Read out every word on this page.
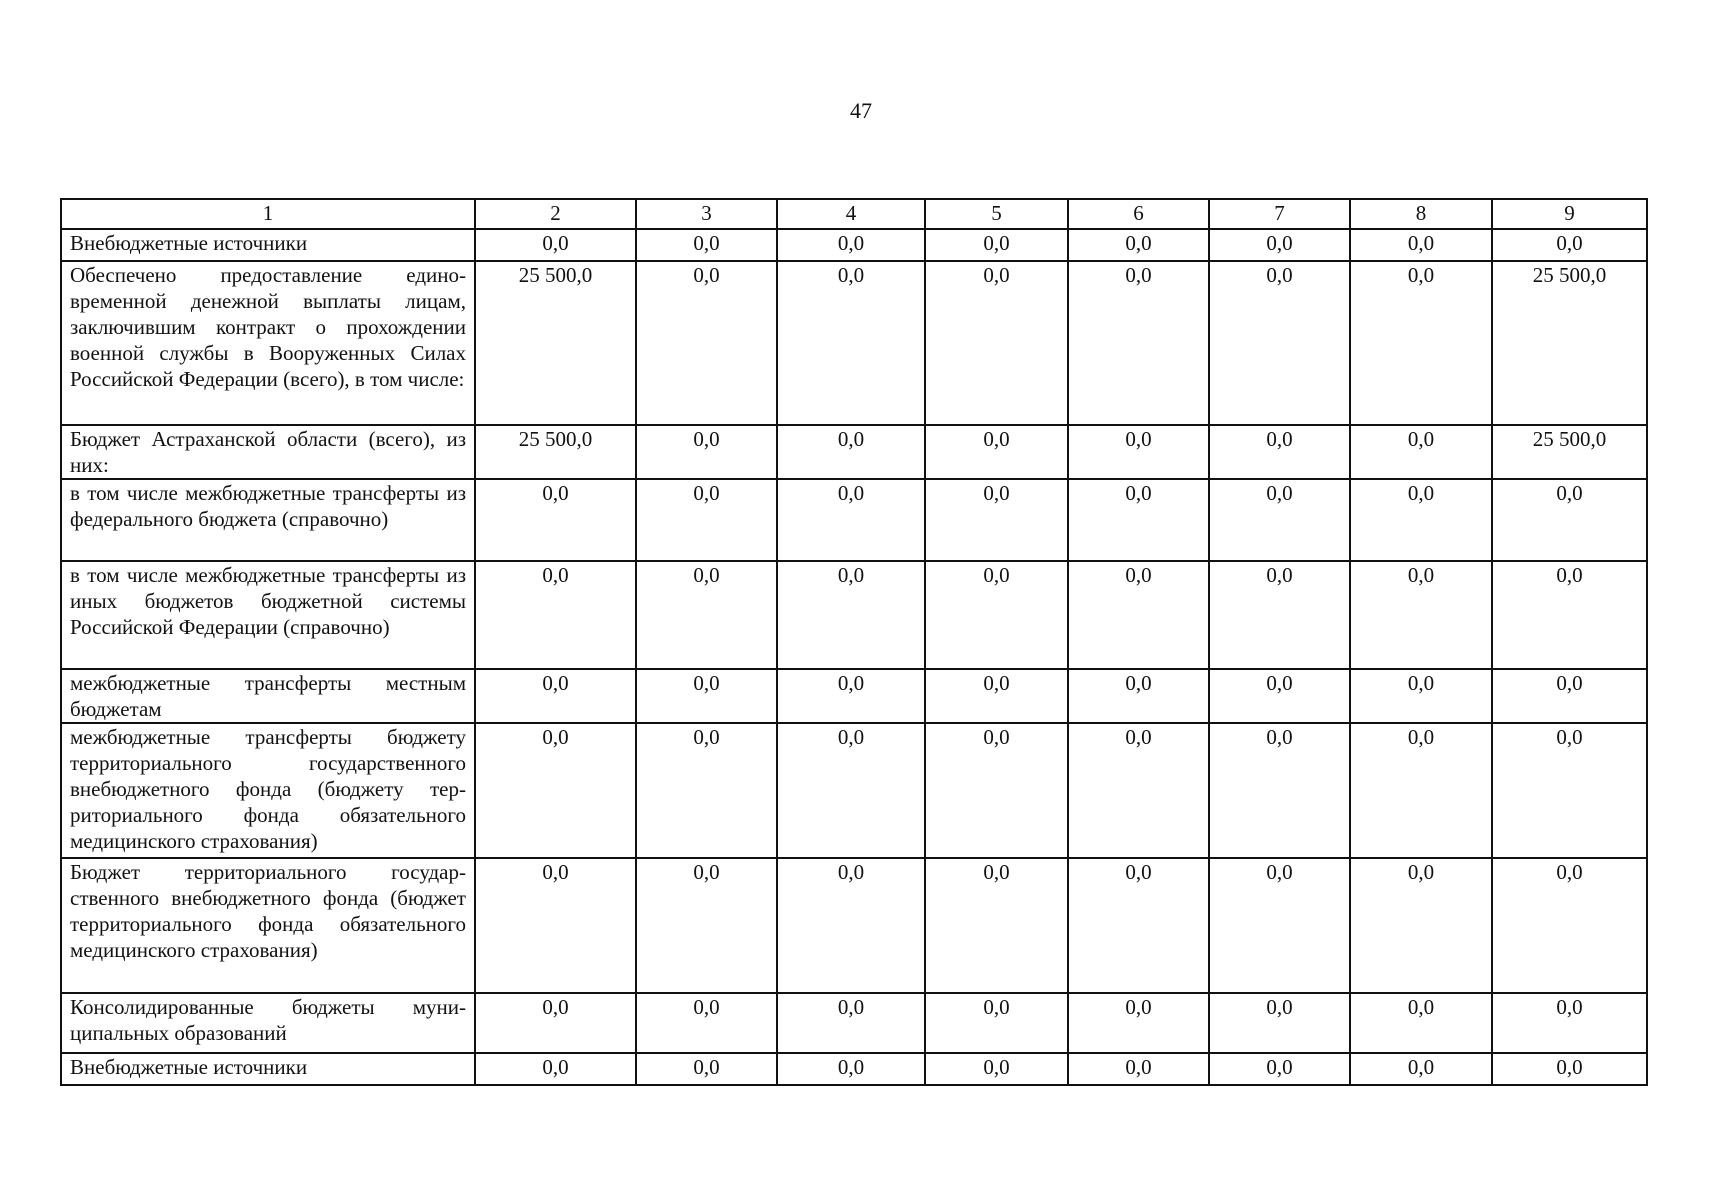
47
1	2	3	4	5	6	7	8	9
Внебюджетные источники	0,0	0,0	0,0	0,0	0,0	0,0	0,0	0,0
Обеспечено предоставление единовременной денежной выплаты лицам, заключившим контракт о прохождении военной службы в Вооруженных Силах Российской Федерации (всего), в том числе:	25 500,0	0,0	0,0	0,0	0,0	0,0	0,0	25 500,0
Бюджет Астраханской области (всего), из них:	25 500,0	0,0	0,0	0,0	0,0	0,0	0,0	25 500,0
в том числе межбюджетные трансферты из федерального бюджета (справочно)	0,0	0,0	0,0	0,0	0,0	0,0	0,0	0,0
в том числе межбюджетные трансферты из иных бюджетов бюджетной системы Российской Федерации (справочно)	0,0	0,0	0,0	0,0	0,0	0,0	0,0	0,0
межбюджетные трансферты местным бюджетам	0,0	0,0	0,0	0,0	0,0	0,0	0,0	0,0
межбюджетные трансферты бюджету территориального государственного внебюджетного фонда (бюджету территориального фонда обязательного медицинского страхования)	0,0	0,0	0,0	0,0	0,0	0,0	0,0	0,0
Бюджет территориального государственного внебюджетного фонда (бюджет территориального фонда обязательного медицинского страхования)	0,0	0,0	0,0	0,0	0,0	0,0	0,0	0,0
Консолидированные бюджеты муниципальных образований	0,0	0,0	0,0	0,0	0,0	0,0	0,0	0,0
Внебюджетные источники	0,0	0,0	0,0	0,0	0,0	0,0	0,0	0,0
